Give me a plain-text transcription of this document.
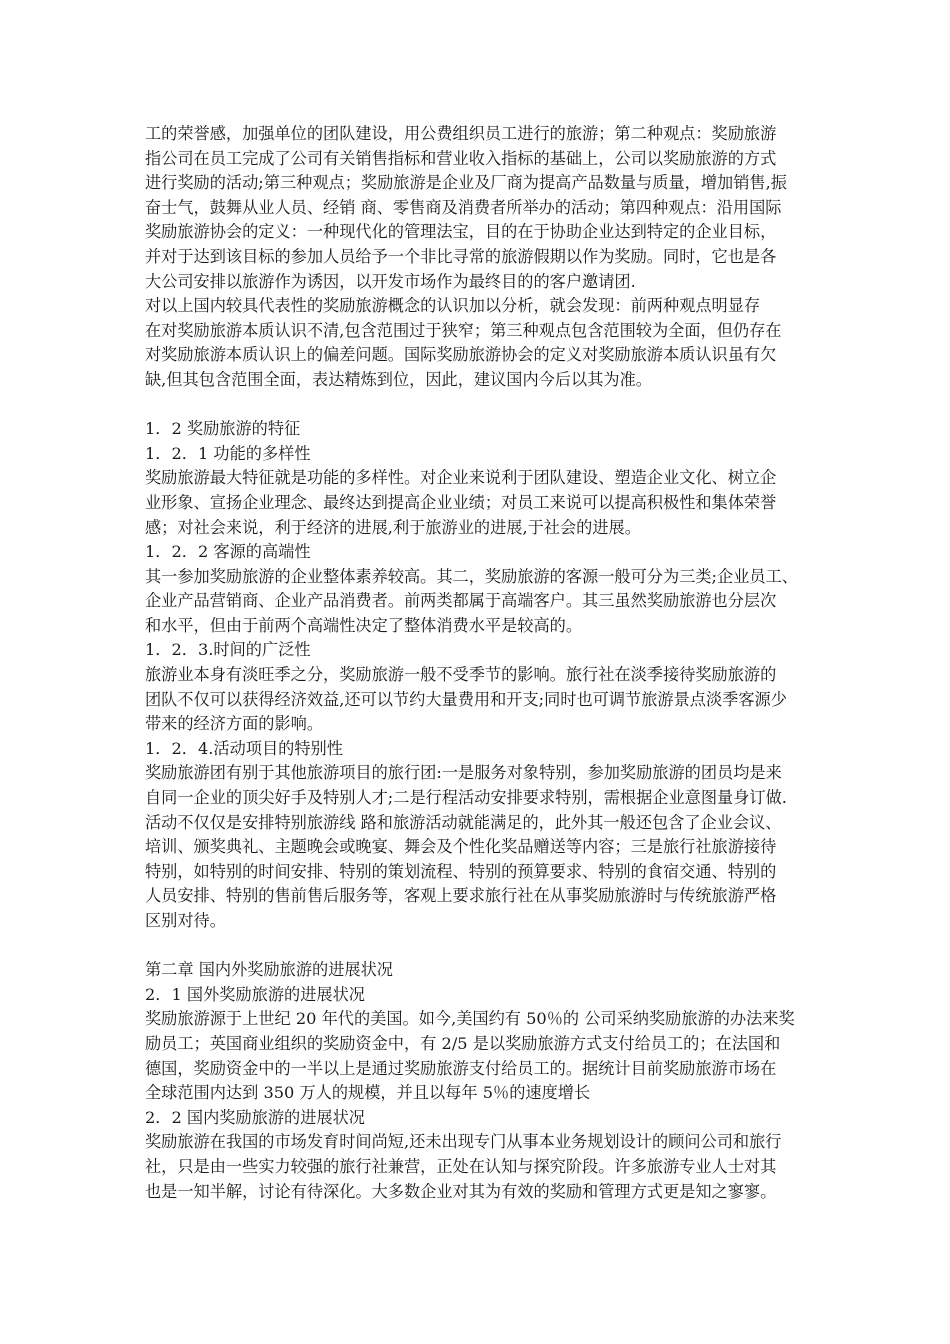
工的荣誉感，加强单位的团队建设，用公费组织员工进行的旅游；第二种观点：奖励旅游
指公司在员工完成了公司有关销售指标和营业收入指标的基础上，公司以奖励旅游的方式
进行奖励的活动;第三种观点；奖励旅游是企业及厂商为提高产品数量与质量，增加销售,振
奋士气，鼓舞从业人员、经销 商、零售商及消费者所举办的活动；第四种观点：沿用国际
奖励旅游协会的定义：一种现代化的管理法宝，目的在于协助企业达到特定的企业目标，
并对于达到该目标的参加人员给予一个非比寻常的旅游假期以作为奖励。同时，它也是各
大公司安排以旅游作为诱因，以开发市场作为最终目的的客户邀请团.
对以上国内较具代表性的奖励旅游概念的认识加以分析，就会发现：前两种观点明显存
在对奖励旅游本质认识不清,包含范围过于狭窄；第三种观点包含范围较为全面，但仍存在
对奖励旅游本质认识上的偏差问题。国际奖励旅游协会的定义对奖励旅游本质认识虽有欠
缺,但其包含范围全面，表达精炼到位，因此，建议国内今后以其为准。
1．2 奖励旅游的特征
1．2．1 功能的多样性
奖励旅游最大特征就是功能的多样性。对企业来说利于团队建设、塑造企业文化、树立企
业形象、宣扬企业理念、最终达到提高企业业绩；对员工来说可以提高积极性和集体荣誉
感；对社会来说，利于经济的进展,利于旅游业的进展,于社会的进展。
1．2．2 客源的高端性
其一参加奖励旅游的企业整体素养较高。其二，奖励旅游的客源一般可分为三类;企业员工、
企业产品营销商、企业产品消费者。前两类都属于高端客户。其三虽然奖励旅游也分层次
和水平，但由于前两个高端性决定了整体消费水平是较高的。
1．2．3.时间的广泛性
旅游业本身有淡旺季之分，奖励旅游一般不受季节的影响。旅行社在淡季接待奖励旅游的
团队不仅可以获得经济效益,还可以节约大量费用和开支;同时也可调节旅游景点淡季客源少
带来的经济方面的影响。
1．2．4.活动项目的特别性
奖励旅游团有别于其他旅游项目的旅行团:一是服务对象特别，参加奖励旅游的团员均是来
自同一企业的顶尖好手及特别人才;二是行程活动安排要求特别，需根据企业意图量身订做.
活动不仅仅是安排特别旅游线 路和旅游活动就能满足的，此外其一般还包含了企业会议、
培训、颁奖典礼、主题晚会或晚宴、舞会及个性化奖品赠送等内容；三是旅行社旅游接待
特别，如特别的时间安排、特别的策划流程、特别的预算要求、特别的食宿交通、特别的
人员安排、特别的售前售后服务等，客观上要求旅行社在从事奖励旅游时与传统旅游严格
区别对待。
第二章 国内外奖励旅游的进展状况
2．1 国外奖励旅游的进展状况
奖励旅游源于上世纪 20 年代的美国。如今,美国约有 50％的 公司采纳奖励旅游的办法来奖
励员工；英国商业组织的奖励资金中，有 2/5 是以奖励旅游方式支付给员工的；在法国和
德国，奖励资金中的一半以上是通过奖励旅游支付给员工的。据统计目前奖励旅游市场在
全球范围内达到 350 万人的规模，并且以每年 5％的速度增长
2．2 国内奖励旅游的进展状况
奖励旅游在我国的市场发育时间尚短,还未出现专门从事本业务规划设计的顾问公司和旅行
社，只是由一些实力较强的旅行社兼营，正处在认知与探究阶段。许多旅游专业人士对其
也是一知半解，讨论有待深化。大多数企业对其为有效的奖励和管理方式更是知之寥寥。
